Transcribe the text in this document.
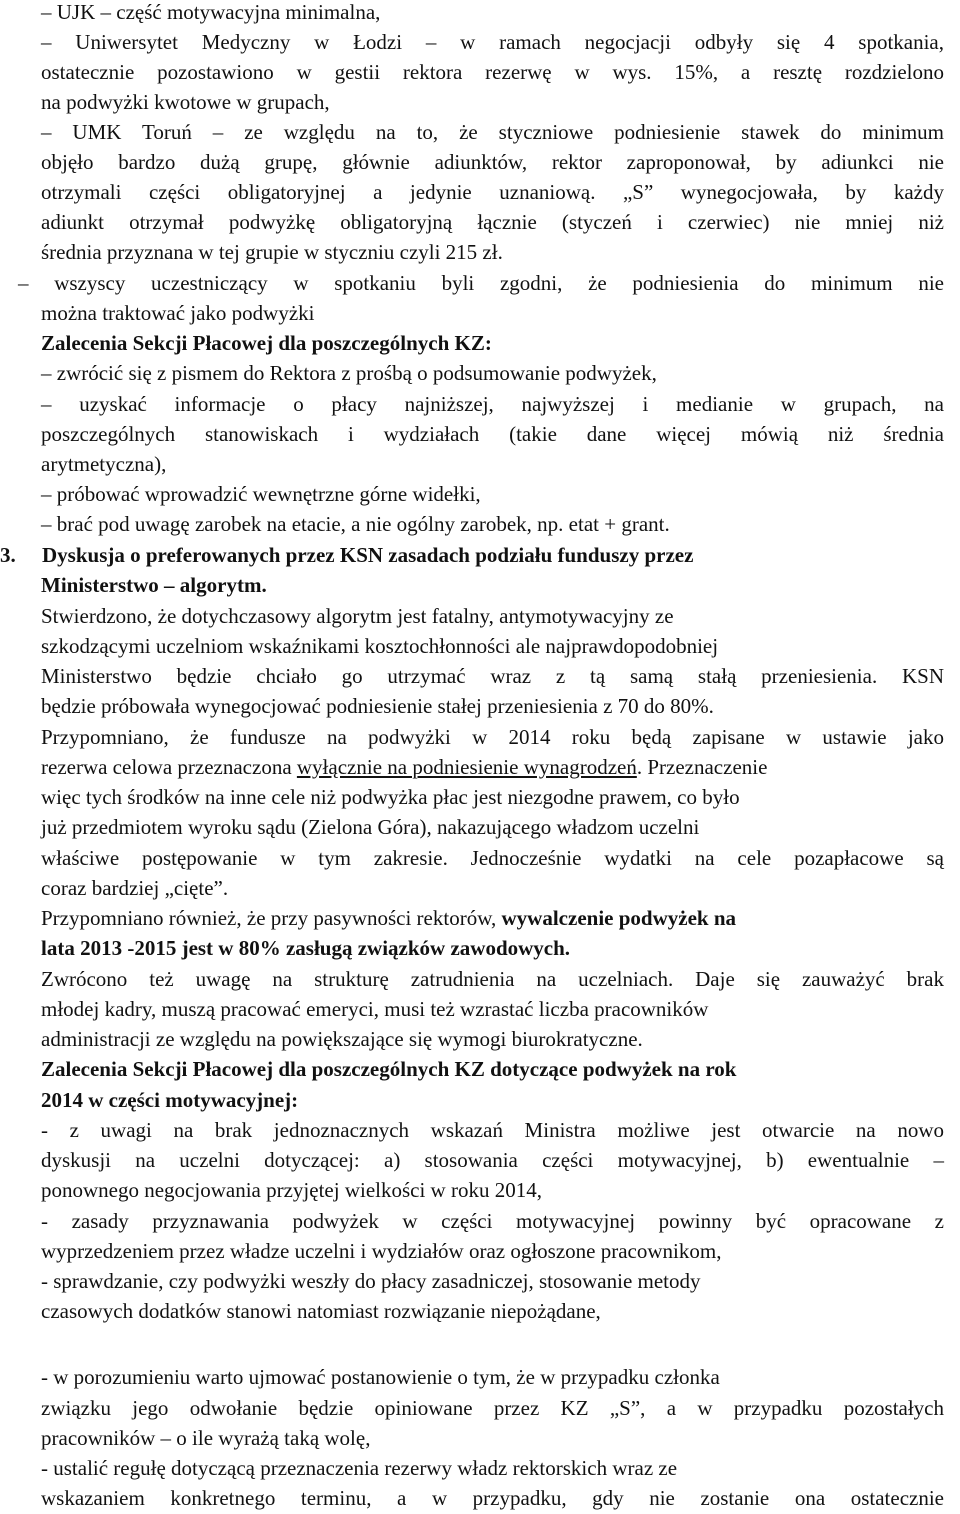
– UJK – część motywacyjna minimalna,
– Uniwersytet Medyczny w Łodzi – w ramach negocjacji odbyły się 4 spotkania,
ostatecznie pozostawiono w gestii rektora rezerwę w wys. 15%, a resztę rozdzielono
na podwyżki kwotowe w grupach,
– UMK Toruń – ze względu na to, że styczniowe podniesienie stawek do minimum
objęło bardzo dużą grupę, głównie adiunktów, rektor zaproponował, by adiunkci nie
otrzymali części obligatoryjnej a jedynie uznaniową. „S” wynegocjowała, by każdy
adiunkt otrzymał podwyżkę obligatoryjną łącznie (styczeń i czerwiec) nie mniej niż
średnia przyznana w tej grupie w styczniu czyli 215 zł.
– wszyscy uczestniczący w spotkaniu byli zgodni, że podniesienia do minimum nie
można traktować jako podwyżki
Zalecenia Sekcji Płacowej dla poszczególnych KZ:
– zwrócić się z pismem do Rektora z prośbą o podsumowanie podwyżek,
– uzyskać informacje o płacy najniższej, najwyższej i medianie w grupach, na
poszczególnych stanowiskach i wydziałach (takie dane więcej mówią niż średnia
arytmetyczna),
– próbować wprowadzić wewnętrzne górne widełki,
– brać pod uwagę zarobek na etacie, a nie ogólny zarobek, np. etat + grant.
3. Dyskusja o preferowanych przez KSN zasadach podziału funduszy przez
Ministerstwo – algorytm.
Stwierdzono, że dotychczasowy algorytm jest fatalny, antymotywacyjny ze
szkodzącymi uczelniom wskaźnikami kosztochłonności ale najprawdopodobniej
Ministerstwo będzie chciało go utrzymać wraz z tą samą stałą przeniesienia. KSN
będzie próbowała wynegocjować podniesienie stałej przeniesienia z 70 do 80%.
Przypomniano, że fundusze na podwyżki w 2014 roku będą zapisane w ustawie jako
rezerwa celowa przeznaczona wyłącznie na podniesienie wynagrodzeń. Przeznaczenie
więc tych środków na inne cele niż podwyżka płac jest niezgodne prawem, co było
już przedmiotem wyroku sądu (Zielona Góra), nakazującego władzom uczelni
właściwe postępowanie w tym zakresie. Jednocześnie wydatki na cele pozapłacowe są
coraz bardziej „cięte”.
Przypomniano również, że przy pasywności rektorów, wywalczenie podwyżek na
lata 2013 -2015 jest w 80% zasługą związków zawodowych.
Zwrócono też uwagę na strukturę zatrudnienia na uczelniach. Daje się zauważyć brak
młodej kadry, muszą pracować emeryci, musi też wzrastać liczba pracowników
administracji ze względu na powiększające się wymogi biurokratyczne.
Zalecenia Sekcji Płacowej dla poszczególnych KZ dotyczące podwyżek na rok
2014 w części motywacyjnej:
- z uwagi na brak jednoznacznych wskazań Ministra możliwe jest otwarcie na nowo
dyskusji na uczelni dotyczącej: a) stosowania części motywacyjnej, b) ewentualnie –
ponownego negocjowania przyjętej wielkości w roku 2014,
- zasady przyznawania podwyżek w części motywacyjnej powinny być opracowane z
wyprzedzeniem przez władze uczelni i wydziałów oraz ogłoszone pracownikom,
- sprawdzanie, czy podwyżki weszły do płacy zasadniczej, stosowanie metody
czasowych dodatków stanowi natomiast rozwiązanie niepożądane,
- w porozumieniu warto ujmować postanowienie o tym, że w przypadku członka
związku jego odwołanie będzie opiniowane przez KZ „S”, a w przypadku pozostałych
pracowników – o ile wyrażą taką wolę,
- ustalić regułę dotyczącą przeznaczenia rezerwy władz rektorskich wraz ze
wskazaniem konkretnego terminu, a w przypadku, gdy nie zostanie ona ostatecznie
